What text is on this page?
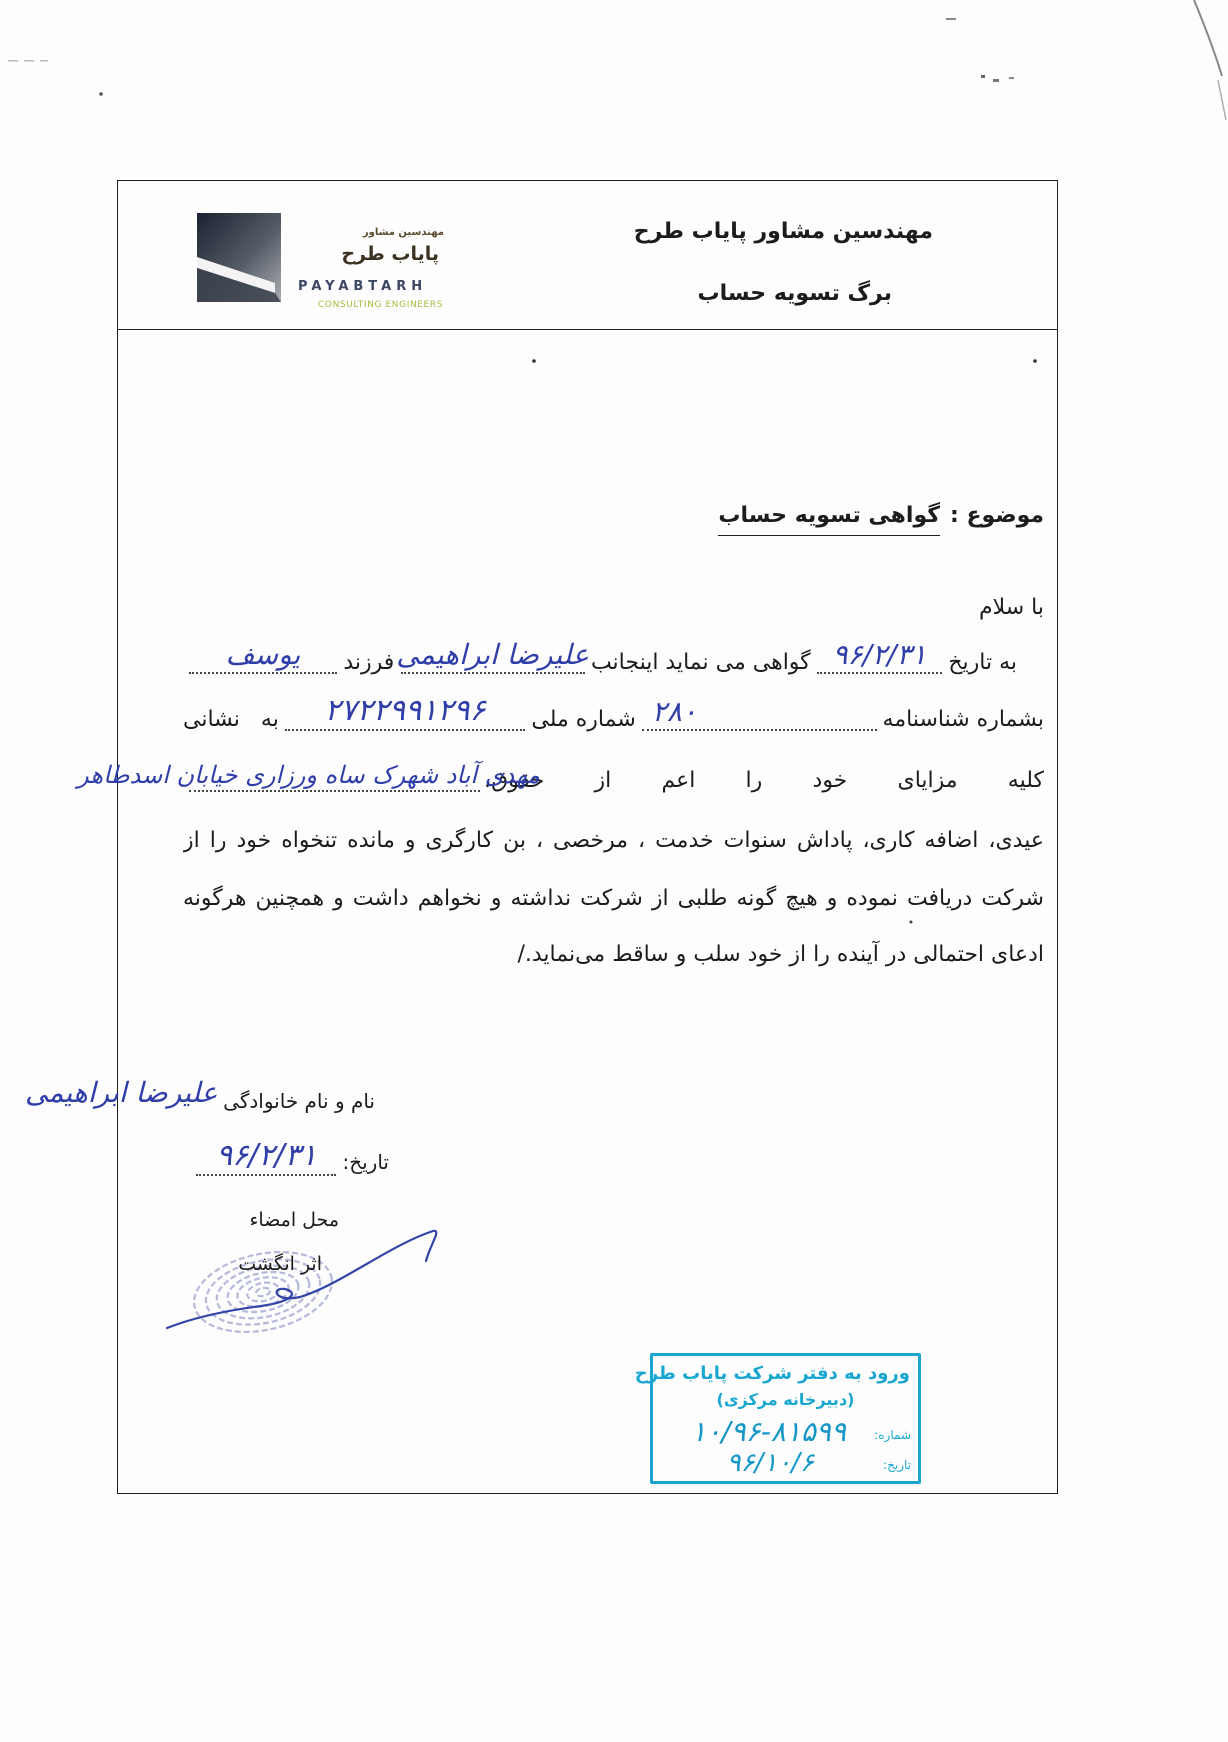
مهندسین مشاور پایاب طرح
برگ تسویه حساب
مهندسین مشاور
پایاب طرح
PAYABTARH
CONSULTING ENGINEERS
موضوع :
گواهی تسویه حساب
با سلام
به تاریخ
۹۶/۲/۳۱
گواهی می نماید اینجانب
علیرضا ابراهیمی
فرزند
یوسف
بشماره شناسنامه
۲۸۰
شماره ملی
۲۷۲۲۹۹۱۲۹۶
به نشانی
کلیه مزایای خود را اعم از حقوق،
مهدی آباد شهرک ساه ورزاری خیابان اسدطاهر
عیدی، اضافه کاری، پاداش سنوات خدمت ، مرخصی ، بن کارگری و مانده تنخواه خود را از
شرکت دریافت نموده و هیچ گونه طلبی از شرکت نداشته و نخواهم داشت و همچنین هرگونه
ادعای احتمالی در آینده را از خود سلب و ساقط می‌نماید./
نام و نام خانوادگی
علیرضا ابراهیمی
تاریخ:
۹۶/۲/۳۱
محل امضاء
اثر انگشت
ورود به دفتر شرکت پایاب طرح
(دبیرخانه مرکزی)
شماره:
۱۰/۹۶-۸۱۵۹۹
تاریخ:
۹۶/۱۰/۶
